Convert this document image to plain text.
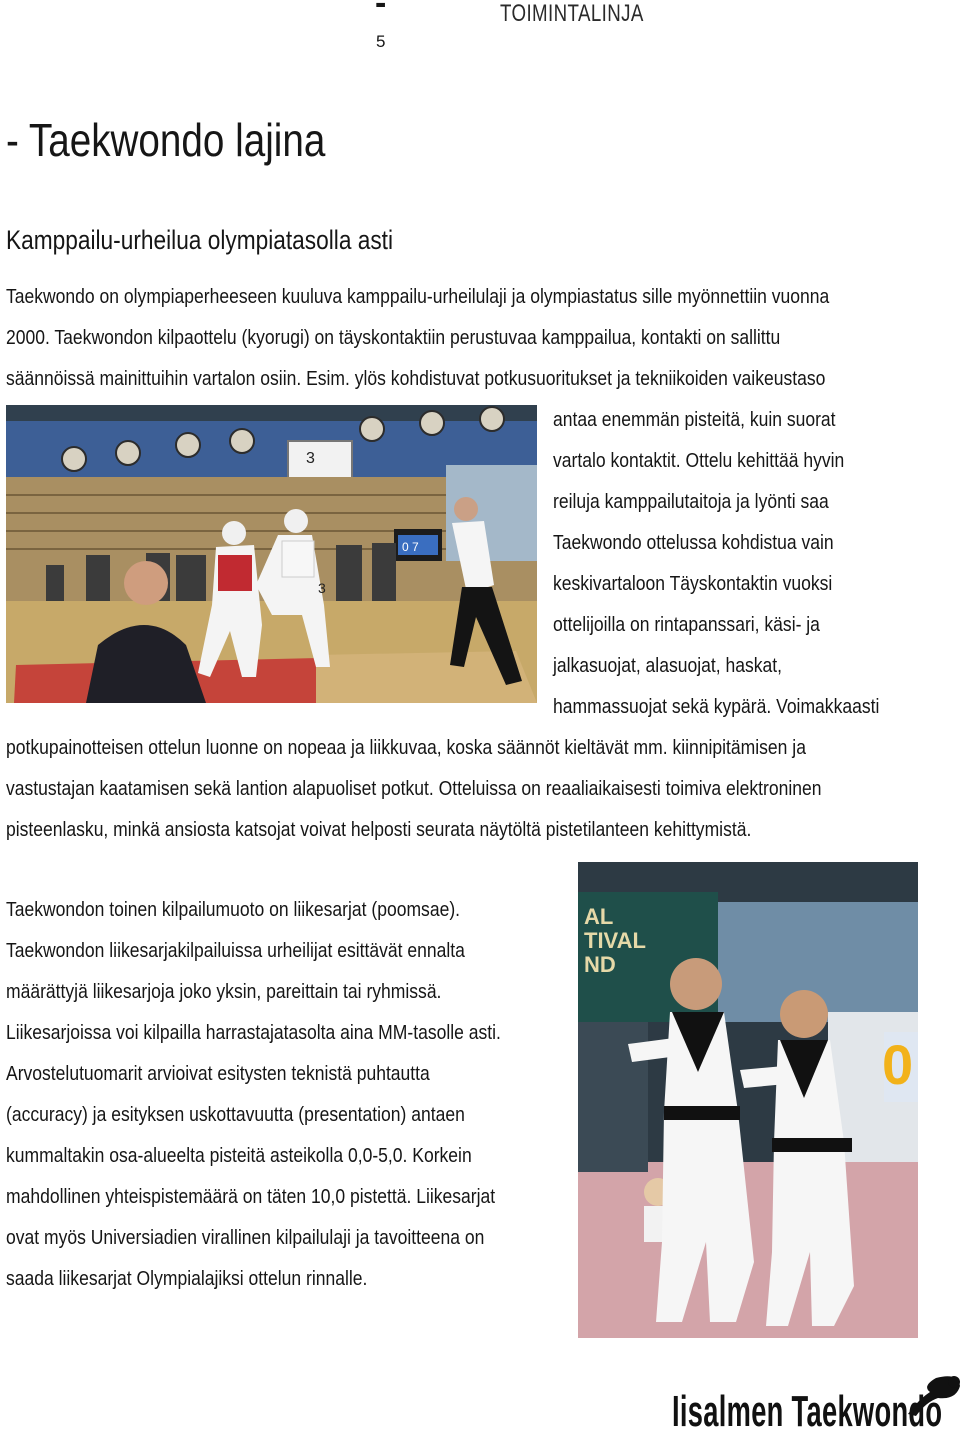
-
5
TOIMINTALINJA
- Taekwondo lajina
Kamppailu-urheilua olympiatasolla asti
Taekwondo on olympiaperheeseen kuuluva kamppailu-urheilulaji ja olympiastatus sille myönnettiin vuonna
2000. Taekwondon kilpaottelu (kyorugi) on täyskontaktiin perustuvaa kamppailua, kontakti on sallittu
säännöissä mainittuihin vartalon osiin. Esim. ylös kohdistuvat potkusuoritukset ja tekniikoiden vaikeustaso
antaa enemmän pisteitä, kuin suorat
vartalo kontaktit. Ottelu kehittää hyvin
reiluja kamppailutaitoja ja lyönti saa
Taekwondo ottelussa kohdistua vain
keskivartaloon Täyskontaktin vuoksi
ottelijoilla on rintapanssari, käsi- ja
jalkasuojat, alasuojat, haskat,
hammassuojat sekä kypärä. Voimakkaasti
potkupainotteisen ottelun luonne on nopeaa ja liikkuvaa, koska säännöt kieltävät mm. kiinnipitämisen ja
vastustajan kaatamisen sekä lantion alapuoliset potkut. Otteluissa on reaaliaikaisesti toimiva elektroninen
pisteenlasku, minkä ansiosta katsojat voivat helposti seurata näytöltä pistetilanteen kehittymistä.
3
0 7
3
Taekwondon toinen kilpailumuoto on liikesarjat (poomsae).
Taekwondon liikesarjakilpailuissa urheilijat esittävät ennalta
määrättyjä liikesarjoja joko yksin, pareittain tai ryhmissä.
Liikesarjoissa voi kilpailla harrastajatasolta aina MM-tasolle asti.
Arvostelutuomarit arvioivat esitysten teknistä puhtautta
(accuracy) ja esityksen uskottavuutta (presentation) antaen
kummaltakin osa-alueelta pisteitä asteikolla 0,0-5,0. Korkein
mahdollinen yhteispistemäärä on täten 10,0 pistettä. Liikesarjat
ovat myös Universiadien virallinen kilpailulaji ja tavoitteena on
saada liikesarjat Olympialajiksi ottelun rinnalle.
AL
TIVAL
ND
0
Iisalmen Taekwondo
